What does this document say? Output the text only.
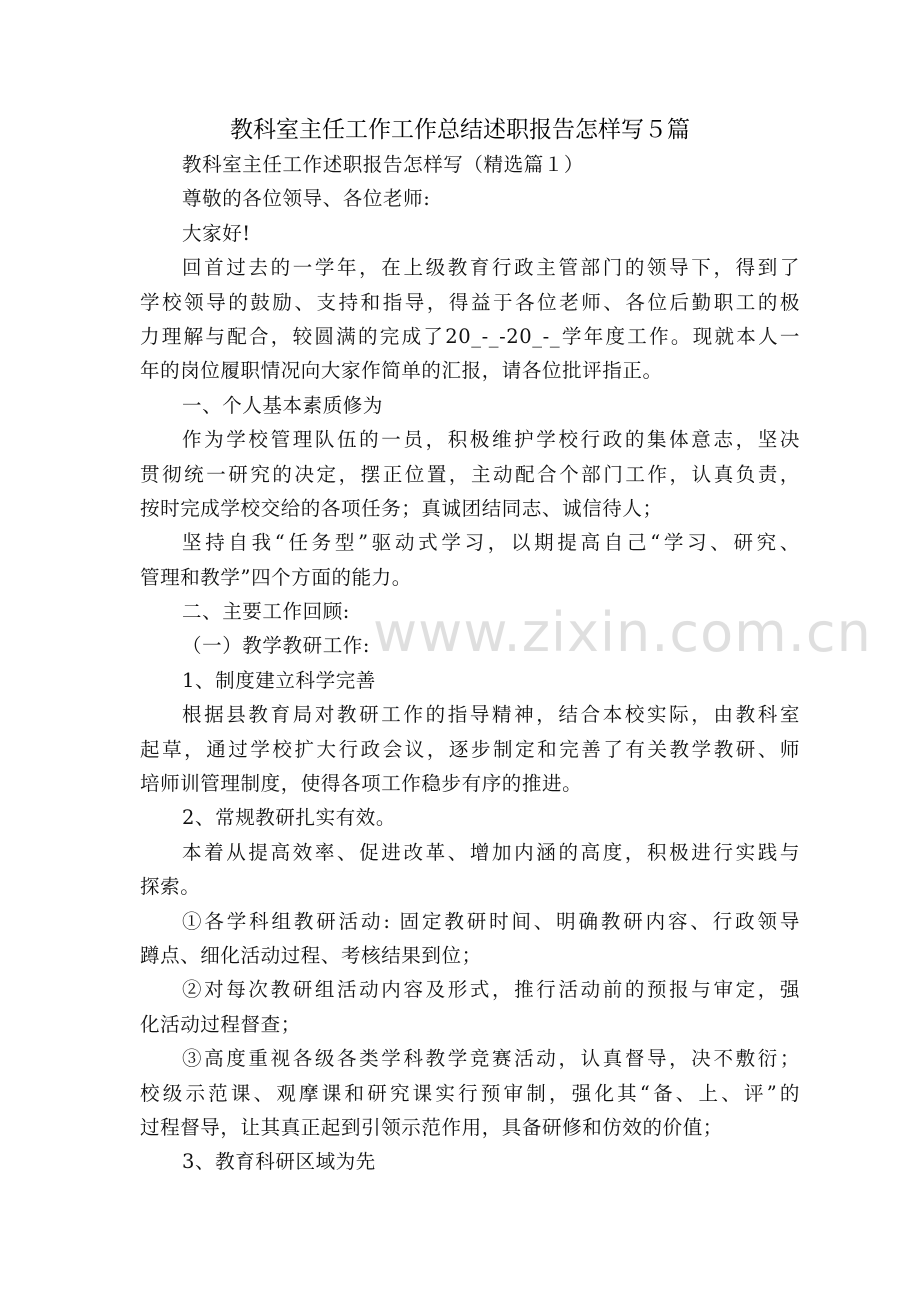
www.zixin.com.cn
教科室主任工作工作总结述职报告怎样写５篇
教科室主任工作述职报告怎样写（精选篇１）
尊敬的各位领导、各位老师:
大家好!
回首过去的一学年，在上级教育行政主管部门的领导下，得到了
学校领导的鼓励、支持和指导，得益于各位老师、各位后勤职工的极
力理解与配合，较圆满的完成了20_-_-20_-_学年度工作。现就本人一
年的岗位履职情况向大家作简单的汇报，请各位批评指正。
一、个人基本素质修为
作为学校管理队伍的一员，积极维护学校行政的集体意志，坚决
贯彻统一研究的决定，摆正位置，主动配合个部门工作，认真负责，
按时完成学校交给的各项任务；真诚团结同志、诚信待人；
坚持自我“任务型”驱动式学习，以期提高自己“学习、研究、
管理和教学”四个方面的能力。
二、主要工作回顾:
（一）教学教研工作:
1、制度建立科学完善
根据县教育局对教研工作的指导精神，结合本校实际，由教科室
起草，通过学校扩大行政会议，逐步制定和完善了有关教学教研、师
培师训管理制度，使得各项工作稳步有序的推进。
2、常规教研扎实有效。
本着从提高效率、促进改革、增加内涵的高度，积极进行实践与
探索。
①各学科组教研活动: 固定教研时间、明确教研内容、行政领导
蹲点、细化活动过程、考核结果到位；
②对每次教研组活动内容及形式，推行活动前的预报与审定，强
化活动过程督查；
③高度重视各级各类学科教学竞赛活动，认真督导，决不敷衍；
校级示范课、观摩课和研究课实行预审制，强化其“备、上、评”的
过程督导，让其真正起到引领示范作用，具备研修和仿效的价值；
3、教育科研区域为先
